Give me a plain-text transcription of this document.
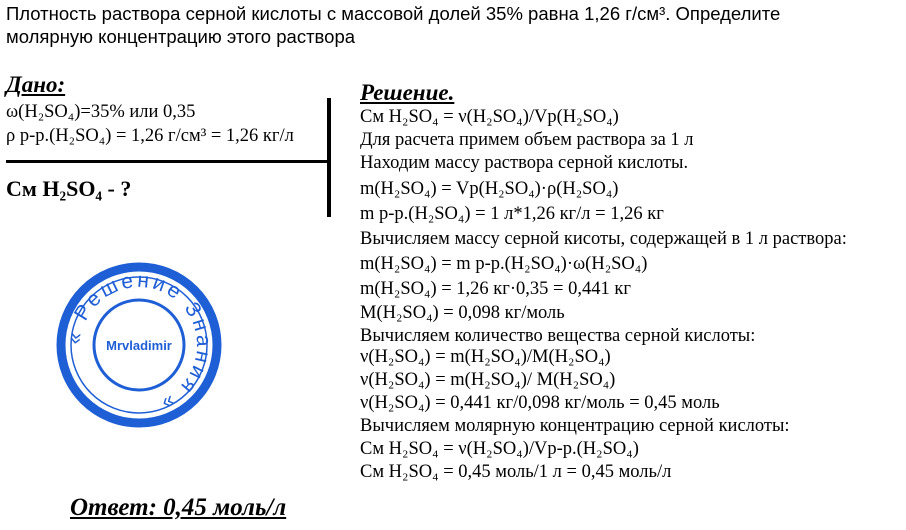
Плотность раствора серной кислоты с массовой долей 35% равна 1,26 г/см³. Определите
молярную концентрацию этого раствора
Дано:
ω(H₂SO₄)=35% или 0,35
ρ р-р.(H₂SO₄) = 1,26 г/см³ = 1,26 кг/л
Cм H₂SO₄ - ?
« Решение Знания »
Mrvladimir
Решение.
Cм H₂SO₄ = ν(H₂SO₄)/Vр(H₂SO₄)
Для расчета примем объем раствора за 1 л
Находим массу раствора серной кислоты.
m(H₂SO₄) = Vр(H₂SO₄)·ρ(H₂SO₄)
m р-р.(H₂SO₄) = 1 л*1,26 кг/л = 1,26 кг
Вычисляем массу серной кисоты, содержащей в 1 л раствора:
m(H₂SO₄) = m р-р.(H₂SO₄)·ω(H₂SO₄)
m(H₂SO₄) = 1,26 кг·0,35 = 0,441 кг
M(H₂SO₄) = 0,098 кг/моль
Вычисляем количество вещества серной кислоты:
ν(H₂SO₄) = m(H₂SO₄)/M(H₂SO₄)
ν(H₂SO₄) = m(H₂SO₄)/ M(H₂SO₄)
ν(H₂SO₄) = 0,441 кг/0,098 кг/моль = 0,45 моль
Вычисляем молярную концентрацию серной кислоты:
Cм H₂SO₄ = ν(H₂SO₄)/Vр-р.(H₂SO₄)
Cм H₂SO₄ = 0,45 моль/1 л = 0,45 моль/л
Ответ: 0,45 моль/л
